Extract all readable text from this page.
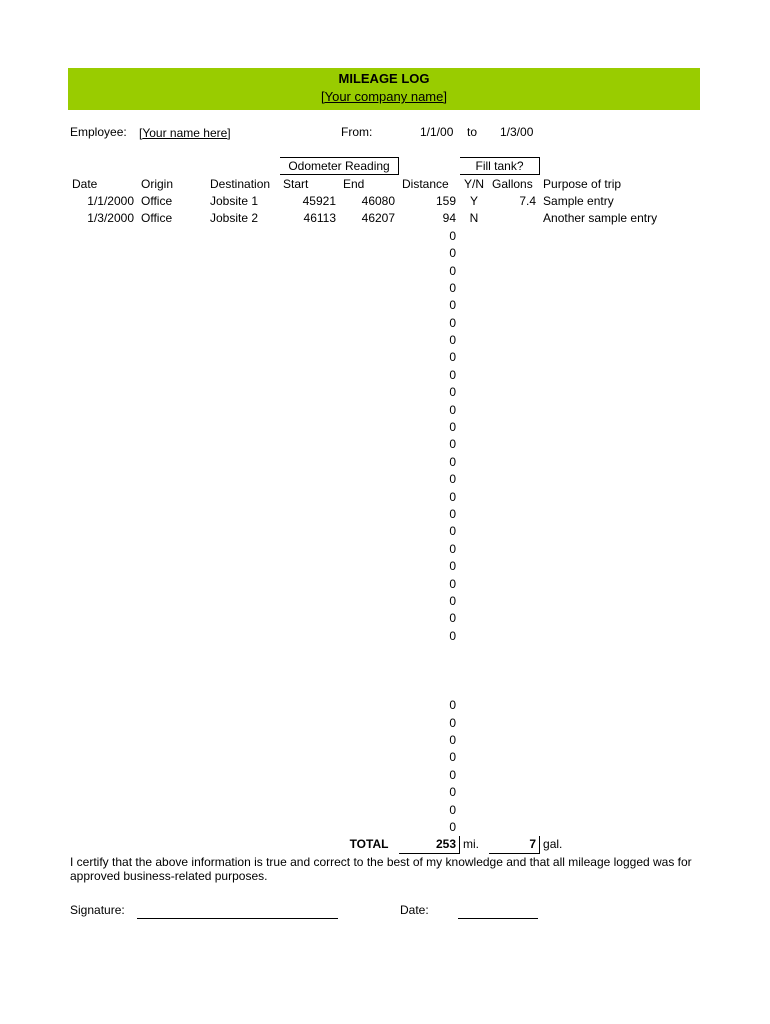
MILEAGE LOG
[Your company name]
Employee: [Your name here]	From:	1/1/00 to 1/3/00
			Odometer Reading			Fill tank?		
Date	Origin	Destination	Start	End	Distance	Y/N	Gallons	Purpose of trip
1/1/2000	Office	Jobsite 1	45921	46080	159	Y	7.4	Sample entry
1/3/2000	Office	Jobsite 2	46113	46207	94	N		Another sample entry
					0			
					0			
					0			
					0			
					0			
					0			
					0			
					0			
					0			
					0			
					0			
					0			
					0			
					0			
					0			
					0			
					0			
					0			
					0			
					0			
					0			
					0			
					0			
					0			

					0			
					0			
					0			
					0			
					0			
					0			
					0			
					0			
				TOTAL	253	mi.	7	gal.
I certify that the above information is true and correct to the best of my knowledge and that all mileage logged was for approved business-related purposes.
Signature:	Date:
